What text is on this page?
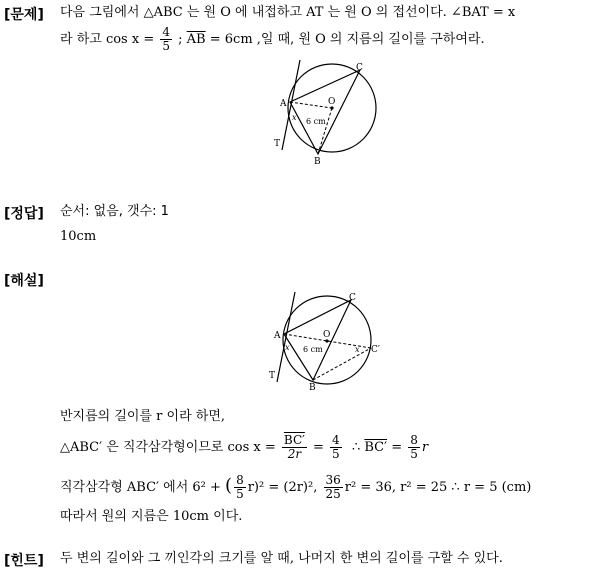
[문제] 다음 그림에서 △ABC 는 원 O 에 내접하고 AT 는 원 O 의 접선이다. ∠BAT = x
라 하고 $\cos x = \frac{4}{5}$ ; $\overline{AB} = 6cm$ ,일 때, 원 O 의 지름의 길이를 구하여라.
A
B
C
O
T
x 6 cm
[정답] 순서: 없음, 갯수: 1
10cm
[해설]
A
B
C
C′
O
T
x	x
6 cm
반지름의 길이를 r 이라 하면,
△ABC′ 은 직각삼각형이므로 $\cos x = \frac{BC'}{2r} = \frac{4}{5}$ ∴ $BC' = \frac{8}{5}$ r
직각삼각형 ABC′ 에서 6² + ( $\frac{8}{5} r)^2 = (2r)^2$, $\frac{36}{25} r^2 = 36$, r² = 25 ∴ r = 5 (cm)
따라서 원의 지름은 10cm 이다.
[힌트] 두 변의 길이와 그 끼인각의 크기를 알 때, 나머지 한 변의 길이를 구할 수 있다.
